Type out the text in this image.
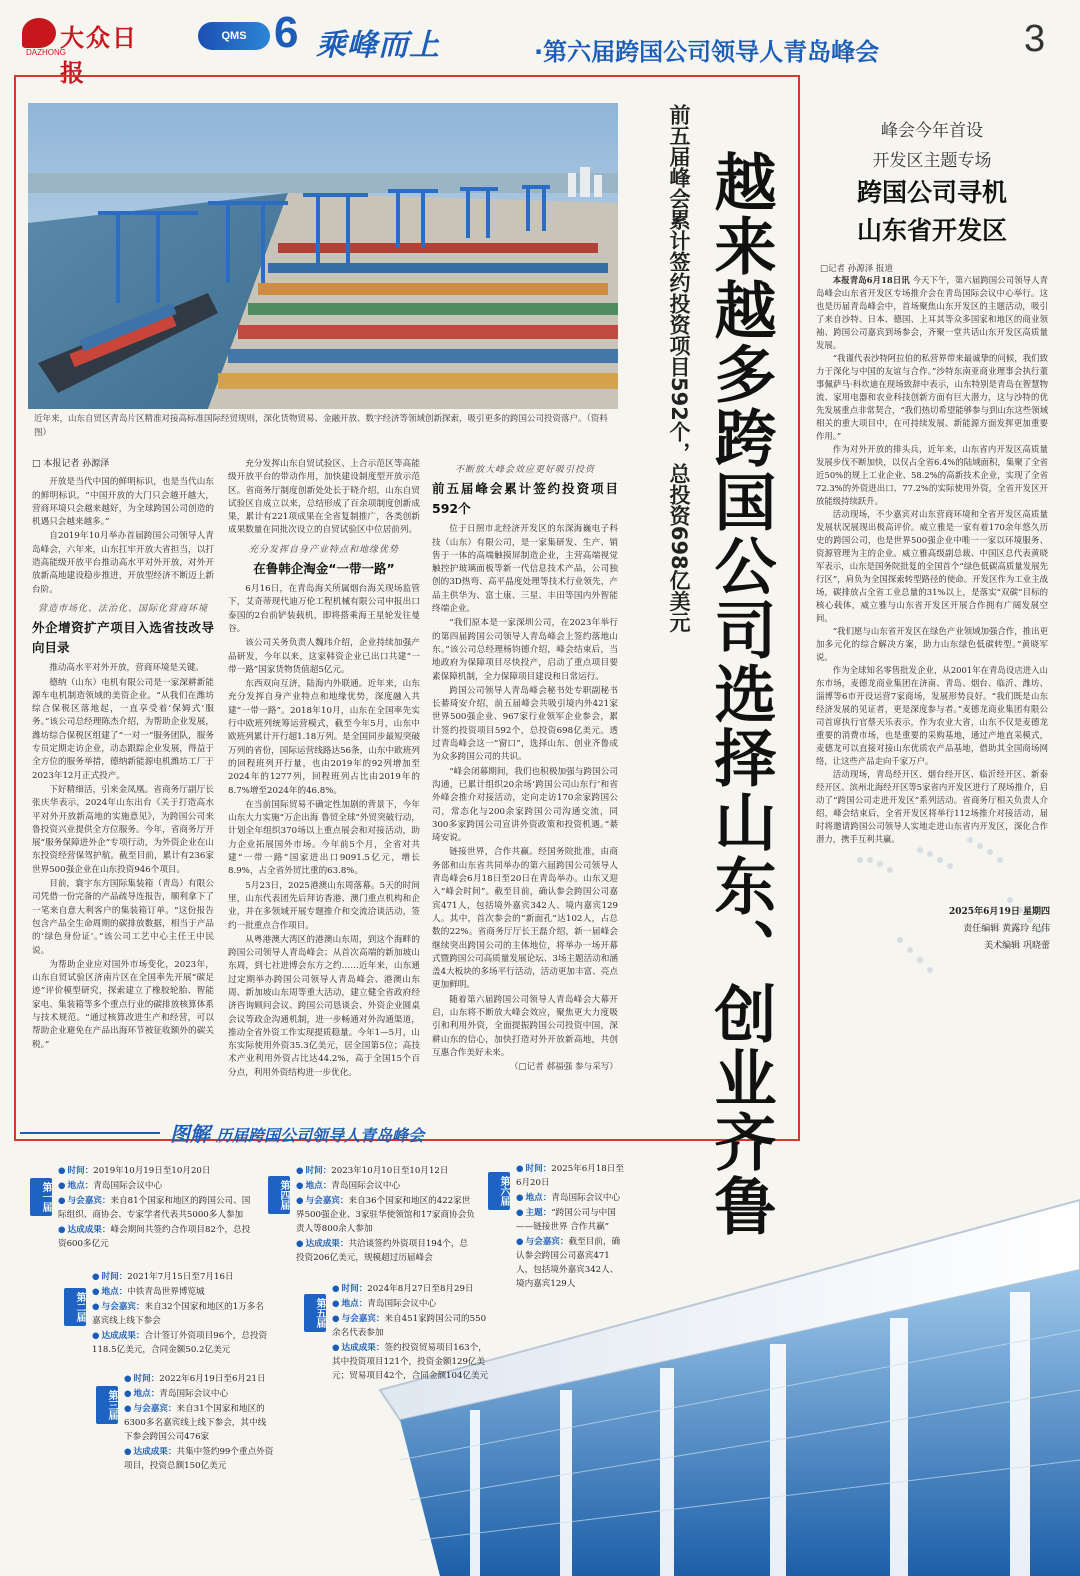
大众日报
DAZHONG
QMS 6 乘峰而上	·第六届跨国公司领导人青岛峰会	3
近年来，山东自贸区青岛片区精准对接高标准国际经贸规则，深化货物贸易、金融开放、数字经济等领域创新探索，吸引更多的跨国公司投资落户。（资料图）	越来越多跨国公司选择山东、创业齐鲁
前五届峰会累计签约投资项目592个，总投资698亿美元
□ 本报记者 孙源泽

开放是当代中国的鲜明标识，也是当代山东的鲜明标识。“中国开放的大门只会越开越大，营商环境只会越来越好，为全球跨国公司创造的机遇只会越来越多。”

自2019年10月举办首届跨国公司领导人青岛峰会，六年来，山东扛牢开放大省担当，以打造高能级开放平台推动高水平对外开放，对外开放新高地建设稳步推进，开放型经济不断迈上新台阶。

营造市场化、法治化、国际化营商环境
外企增资扩产项目入选省技改导向目录

推动高水平对外开放，营商环境是关键。

德纳（山东）电机有限公司是一家深耕新能源车电机制造领域的美资企业。“从我们在潍坊综合保税区落地起，一直享受着‘保姆式’服务。”该公司总经理陈杰介绍，为帮助企业发展，潍坊综合保税区组建了“一对一”服务团队，服务专员定期走访企业，动态跟踪企业发展，得益于全方位的服务举措，德纳新能源电机潍坊工厂于2023年12月正式投产。

下好精细活，引来金凤凰。省商务厅副厅长张庆华表示，2024年山东出台《关于打造高水平对外开放新高地的实施意见》，为跨国公司来鲁投资兴业提供全方位服务。今年，省商务厅开展“服务保障进外企”专项行动，为外资企业在山东投资经营保驾护航。截至目前，累计有236家世界500强企业在山东投资946个项目。

目前，寰宇东方国际集装箱（青岛）有限公司凭借一份完备的产品疏导连报告，顺利拿下了一笔来自意大利客户的集装箱订单。“这份报告包含产品全生命周期的碳排放数据，相当于产品的‘绿色身份证’。”该公司工艺中心主任王中民说。

为帮助企业应对国外市场变化，2023年，山东自贸试验区济南片区在全国率先开展“碳足迹”评价模型研究，探索建立了橡胶轮胎、智能家电、集装箱等多个重点行业的碳排放核算体系与技术规范。“通过核算改进生产和经营，可以帮助企业避免在产品出海环节被征收额外的碳关税。”

充分发挥山东自贸试验区、上合示范区等高能级开放平台的带动作用，加快建设制度型开放示范区。省商务厅制度创新处处长于晓介绍，山东自贸试验区自成立以来，总结形成了百余项制度创新成果，累计有221项成果在全省复制推广，各类创新成果数量在同批次设立的自贸试验区中位居前列。

充分发挥自身产业特点和地缘优势
在鲁韩企淘金“一带一路”

6月16日，在青岛海关所属烟台海关现场监管下，艾奇蒂现代迪万伦工程机械有限公司申报出口泰国的2台前铲装载机，即将搭乘海王星轮发往曼谷。

该公司关务负责人魏玮介绍，企业持续加强产品研发，今年以来，这家韩资企业已出口共建“一带一路”国家货物货值超5亿元。

东西双向互济，陆海内外联通。近年来，山东充分发挥自身产业特点和地缘优势，深度融入共建“一带一路”。2018年10月，山东在全国率先实行中欧班列统筹运营模式，截至今年5月，山东中欧班列累计开行超1.18万列。是全国同步最短突破万列的省份，国际运营线路达56条，山东中欧班列的回程班列开行量，也由2019年的92列增加至2024年的1277列，回程班列占比由2019年的8.7%增至2024年的46.8%。

在当前国际贸易不确定性加剧的背景下，今年山东大力实施“万企出海 鲁贸全球”外贸突破行动，计划全年组织370场以上重点展会和对接活动，助力企业拓展国外市场。今年前5个月，全省对共建“一带一路”国家进出口9091.5亿元，增长8.9%，占全省外贸比重的63.8%。

5月23日，2025港澳山东周落幕。5天的时间里，山东代表团先后拜访香港、澳门重点机构和企业，并在多领域开展专题推介和交流洽谈活动，签约一批重点合作项目。

从粤港澳大湾区的港澳山东周，到这个海畔的跨国公司领导人青岛峰会；从首次高端的新加坡山东周，到七社进博会东方之约……近年来，山东通过定期举办跨国公司领导人青岛峰会、港澳山东周、新加坡山东周等重大活动，建立健全省政府经济咨询顾问会议、跨国公司恳谈会、外资企业圆桌会议等政企沟通机制，进一步畅通对外沟通渠道，推动全省外资工作实现提质稳量。今年1—5月，山东实际使用外资35.3亿美元，居全国第5位；高技术产业利用外资占比达44.2%，高于全国15个百分点，利用外资结构进一步优化。

不断放大峰会效应更好吸引投资
前五届峰会累计签约投资项目592个

位于日照市北经济开发区的东深海巍电子科技（山东）有限公司，是一家集研发、生产、销售于一体的高端触摸屏制造企业，主营高端视觉触控护玻璃面板等新一代信息技术产品，公司独创的3D热弯、高平晶度处理等技术行业领先，产品主供华为、富士康、三星、丰田等国内外智能终端企业。

“我们原本是一家深圳公司，在2023年举行的第四届跨国公司领导人青岛峰会上签约落地山东。”该公司总经理杨钧德介绍，峰会结束后，当地政府为保障项目尽快投产，启动了重点项目要素保障机制，全力保障项目建设和日常运行。

跨国公司领导人青岛峰会秘书处专职副秘书长綦琦安介绍，前五届峰会共吸引境内外421家世界500强企业、967家行业领军企业参会，累计签约投资项目592个，总投资698亿美元。透过青岛峰会这一“窗口”，选择山东、创业齐鲁成为众多跨国公司的共识。

“峰会闭幕期间，我们也积极加强与跨国公司沟通，已累计组织20余场‘跨国公司山东行’和省外峰会推介对接活动，定向走访170余家跨国公司，常态化与200余家跨国公司沟通交流，同300多家跨国公司宣讲外资政策和投资机遇。”綦琦安说。

链接世界，合作共赢。经国务院批准，由商务部和山东省共同举办的第六届跨国公司领导人青岛峰会6月18日至20日在青岛举办。山东又迎入“峰会时间”。截至目前，确认参会跨国公司嘉宾471人，包括境外嘉宾342人、境内嘉宾129人。其中，首次参会的“新面孔”达102人，占总数的22%。省商务厅厅长王磊介绍，新一届峰会继续突出跨国公司的主体地位，将举办一场开幕式暨跨国公司高质量发展论坛、3场主题活动和涵盖4大板块的多场平行活动，活动更加丰富、亮点更加鲜明。

随着第六届跨国公司领导人青岛峰会大幕开启，山东将不断放大峰会效应，聚焦更大力度吸引和利用外资，全面提振跨国公司投资中国，深耕山东的信心，加快打造对外开放新高地，共创互惠合作美好未来。

（□记者 郝福强 参与采写）
峰会今年首设
开发区主题专场
跨国公司寻机
山东省开发区
□记者 孙源泽 报道

本报青岛6月18日讯 今天下午，第六届跨国公司领导人青岛峰会山东省开发区专场推介会在青岛国际会议中心举行。这也是历届青岛峰会中，首场聚焦山东开发区的主题活动，吸引了来自沙特、日本、德国、上耳其等众多国家和地区的商业领袖、跨国公司嘉宾到场参会，齐聚一堂共话山东开发区高质量发展。

“我谨代表沙特阿拉伯的私营界带来最诚挚的问候，我们致力于深化与中国的友谊与合作。”沙特东南亚商业理事会执行董事佩萨马·科坎迪在现场致辞中表示，山东特别是青岛在智慧物流、家用电器和农业科技创新方面有巨大潜力，这与沙特的优先发展重点非常契合，“我们热切希望能够参与到山东这些领域相关的重大项目中，在可持续发展、新能源方面发挥更加重要作用。”

作为对外开放的排头兵，近年来，山东省内开发区高质量发展步伐不断加快，以仅占全省6.4%的陆域面积，集聚了全省近50%的规上工业企业、58.2%的高新技术企业，实现了全省72.3%的外资进出口、77.2%的实际使用外资，全省开发区开放能级持续跃升。

活动现场，不少嘉宾对山东营商环境和全省开发区高质量发展状况展现出极高评价。威立雅是一家有着170余年悠久历史的跨国公司，也是世界500强企业中唯一一家以环境服务、资源管理为主的企业。威立雅高级副总裁、中国区总代表黄晓军表示，山东是国务院批复的全国首个“绿色低碳高质量发展先行区”，肩负为全国探索转型路径的使命。开发区作为工业主战场，碳排放占全省工业总量的31%以上，是落实“双碳”目标的核心载体，威立雅与山东省开发区开展合作拥有广阔发展空间。

“我们愿与山东省开发区在绿色产业领域加强合作，推出更加多元化的综合解决方案，助力山东绿色低碳转型。”黄晓军说。

作为全球知名零售批发企业，从2001年在青岛设店进入山东市场，麦德龙商业集团在济南、青岛、烟台、临沂、潍坊、淄博等6市开设运营7家商场，发展形势良好。“我们既是山东经济发展的见证者，更是深度参与者。”麦德龙商业集团有限公司首席执行官蔡天乐表示，作为农业大省，山东不仅是麦德龙重要的消费市场，也是重要的采购基地，通过产地直采模式，麦德龙可以直接对接山东优质农产品基地，借助其全国商场网络，让这些产品走向千家万户。

活动现场，青岛经开区、烟台经开区、临沂经开区、新泰经开区、滨州北海经开区等5家省内开发区进行了现场推介，启动了“跨国公司走进开发区”系列活动。省商务厅相关负责人介绍，峰会结束后，全省开发区将举行112场推介对接活动，届时将邀请跨国公司领导人实地走进山东省内开发区，深化合作潜力，携手互利共赢。

2025年6月19日 星期四
责任编辑 黄露玲 纪伟
美术编辑 巩晓蕾
图解 历届跨国公司领导人青岛峰会
第一届
● 时间：2019年10月19日至10月20日
● 地点：青岛国际会议中心
● 与会嘉宾：来自81个国家和地区的跨国公司、国际组织、商协会、专家学者代表共5000多人参加
● 达成成果：峰会期间共签约合作项目82个，总投资600多亿元
第二届
● 时间：2021年7月15日至7月16日
● 地点：中铁青岛世界博览城
● 与会嘉宾：来自32个国家和地区的1万多名嘉宾线上线下参会
● 达成成果：合计签订外资项目96个，总投资118.5亿美元，合同金额50.2亿美元
第三届
● 时间：2022年6月19日至6月21日
● 地点：青岛国际会议中心
● 与会嘉宾：来自31个国家和地区的6300多名嘉宾线上线下参会，其中线下参会跨国公司476家
● 达成成果：共集中签约99个重点外资项目，投资总额150亿美元
第四届
● 时间：2023年10月10日至10月12日
● 地点：青岛国际会议中心
● 与会嘉宾：来自36个国家和地区的422家世界500强企业、3家驻华使领馆和17家商协会负责人等800余人参加
● 达成成果：共洽谈签约外资项目194个，总投资206亿美元，规模超过历届峰会
第五届
● 时间：2024年8月27日至8月29日
● 地点：青岛国际会议中心
● 与会嘉宾：来自451家跨国公司的550余名代表参加
● 达成成果：签约投资贸易项目163个，其中投资项目121个，投资金额129亿美元；贸易项目42个，合同金额104亿美元
第六届
● 时间：2025年6月18日至6月20日
● 地点：青岛国际会议中心
● 主题：“跨国公司与中国——链接世界 合作共赢”
● 与会嘉宾：截至目前，确认参会跨国公司嘉宾471人，包括境外嘉宾342人、境内嘉宾129人
